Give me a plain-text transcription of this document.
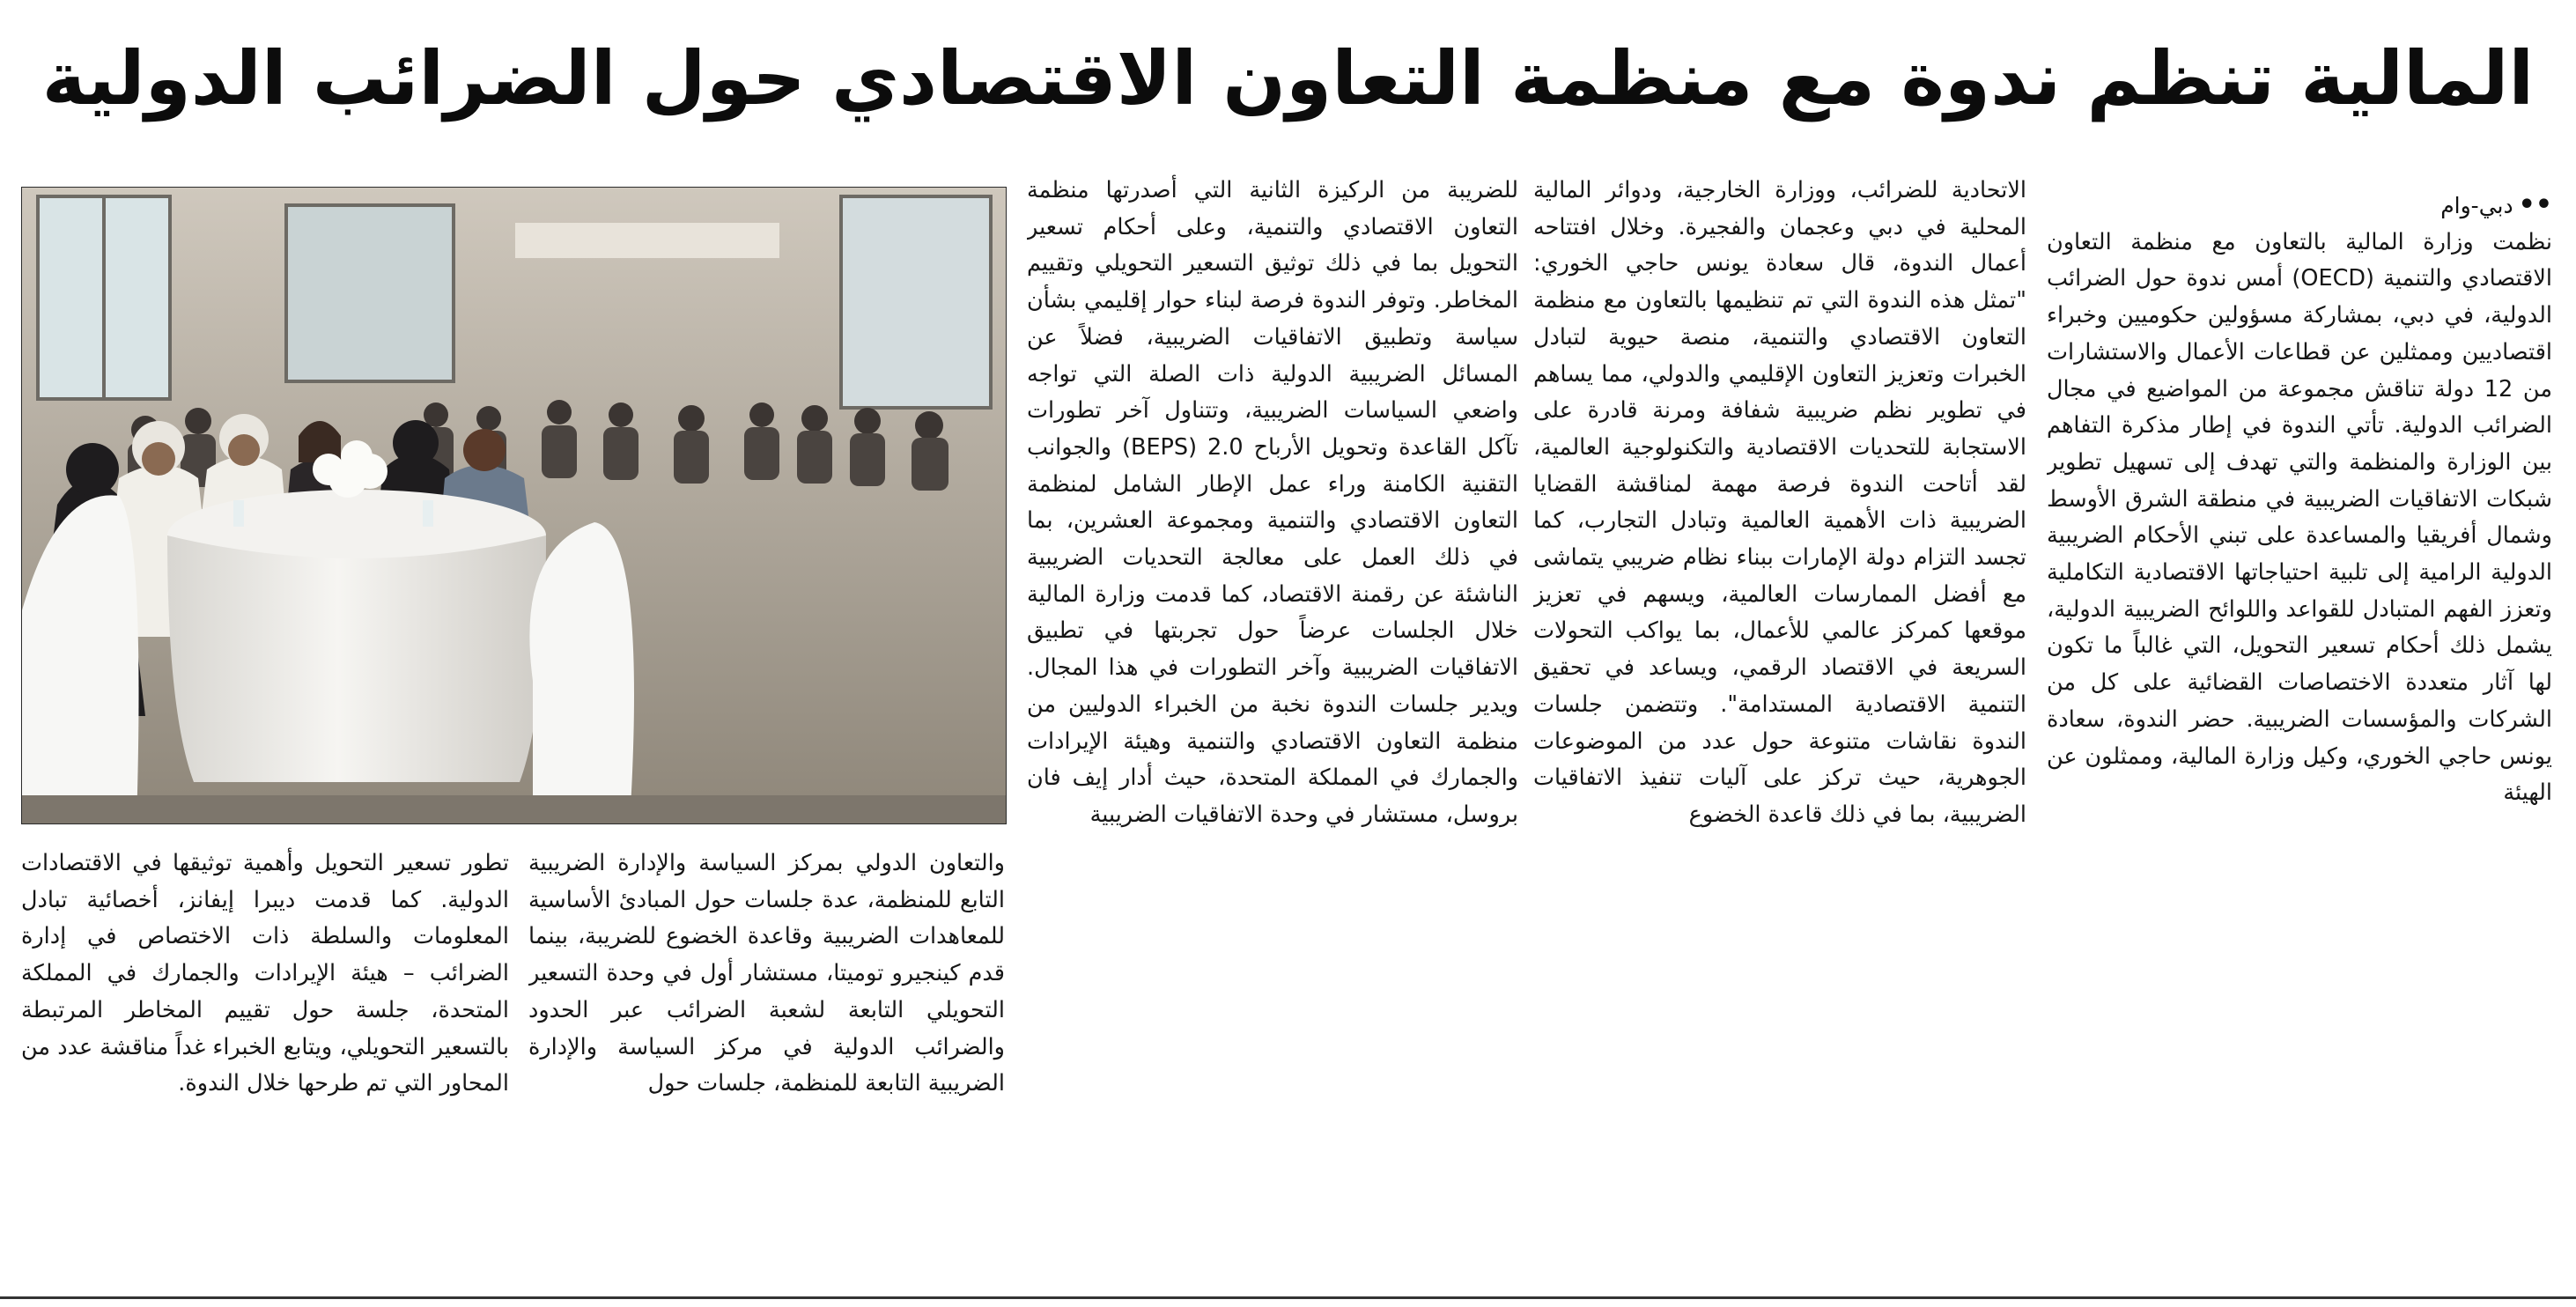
المالية تنظم ندوة مع منظمة التعاون الاقتصادي حول الضرائب الدولية

••دبي-وام

نظمت وزارة المالية بالتعاون مع منظمة التعاون الاقتصادي والتنمية (OECD) أمس ندوة حول الضرائب الدولية، في دبي، بمشاركة مسؤولين حكوميين وخبراء اقتصاديين وممثلين عن قطاعات الأعمال والاستشارات من 12 دولة تناقش مجموعة من المواضيع في مجال الضرائب الدولية. تأتي الندوة في إطار مذكرة التفاهم بين الوزارة والمنظمة والتي تهدف إلى تسهيل تطوير شبكات الاتفاقيات الضريبية في منطقة الشرق الأوسط وشمال أفريقيا والمساعدة على تبني الأحكام الضريبية الدولية الرامية إلى تلبية احتياجاتها الاقتصادية التكاملية وتعزز الفهم المتبادل للقواعد واللوائح الضريبية الدولية، يشمل ذلك أحكام تسعير التحويل، التي غالباً ما تكون لها آثار متعددة الاختصاصات القضائية على كل من الشركات والمؤسسات الضريبية. حضر الندوة، سعادة يونس حاجي الخوري، وكيل وزارة المالية، وممثلون عن الهيئة

الاتحادية للضرائب، ووزارة الخارجية، ودوائر المالية المحلية في دبي وعجمان والفجيرة. وخلال افتتاحه أعمال الندوة، قال سعادة يونس حاجي الخوري: "تمثل هذه الندوة التي تم تنظيمها بالتعاون مع منظمة التعاون الاقتصادي والتنمية، منصة حيوية لتبادل الخبرات وتعزيز التعاون الإقليمي والدولي، مما يساهم في تطوير نظم ضريبية شفافة ومرنة قادرة على الاستجابة للتحديات الاقتصادية والتكنولوجية العالمية، لقد أتاحت الندوة فرصة مهمة لمناقشة القضايا الضريبية ذات الأهمية العالمية وتبادل التجارب، كما تجسد التزام دولة الإمارات ببناء نظام ضريبي يتماشى مع أفضل الممارسات العالمية، ويسهم في تعزيز موقعها كمركز عالمي للأعمال، بما يواكب التحولات السريعة في الاقتصاد الرقمي، ويساعد في تحقيق التنمية الاقتصادية المستدامة". وتتضمن جلسات الندوة نقاشات متنوعة حول عدد من الموضوعات الجوهرية، حيث تركز على آليات تنفيذ الاتفاقيات الضريبية، بما في ذلك قاعدة الخضوع

للضريبة من الركيزة الثانية التي أصدرتها منظمة التعاون الاقتصادي والتنمية، وعلى أحكام تسعير التحويل بما في ذلك توثيق التسعير التحويلي وتقييم المخاطر. وتوفر الندوة فرصة لبناء حوار إقليمي بشأن سياسة وتطبيق الاتفاقيات الضريبية، فضلاً عن المسائل الضريبية الدولية ذات الصلة التي تواجه واضعي السياسات الضريبية، وتتناول آخر تطورات تآكل القاعدة وتحويل الأرباح 2.0 (BEPS) والجوانب التقنية الكامنة وراء عمل الإطار الشامل لمنظمة التعاون الاقتصادي والتنمية ومجموعة العشرين، بما في ذلك العمل على معالجة التحديات الضريبية الناشئة عن رقمنة الاقتصاد، كما قدمت وزارة المالية خلال الجلسات عرضاً حول تجربتها في تطبيق الاتفاقيات الضريبية وآخر التطورات في هذا المجال. ويدير جلسات الندوة نخبة من الخبراء الدوليين من منظمة التعاون الاقتصادي والتنمية وهيئة الإيرادات والجمارك في المملكة المتحدة، حيث أدار إيف فان بروسل، مستشار في وحدة الاتفاقيات الضريبية

والتعاون الدولي بمركز السياسة والإدارة الضريبية التابع للمنظمة، عدة جلسات حول المبادئ الأساسية للمعاهدات الضريبية وقاعدة الخضوع للضريبة، بينما قدم كينجيرو توميتا، مستشار أول في وحدة التسعير التحويلي التابعة لشعبة الضرائب عبر الحدود والضرائب الدولية في مركز السياسة والإدارة الضريبية التابعة للمنظمة، جلسات حول

تطور تسعير التحويل وأهمية توثيقها في الاقتصادات الدولية. كما قدمت ديبرا إيفانز، أخصائية تبادل المعلومات والسلطة ذات الاختصاص في إدارة الضرائب – هيئة الإيرادات والجمارك في المملكة المتحدة، جلسة حول تقييم المخاطر المرتبطة بالتسعير التحويلي، ويتابع الخبراء غداً مناقشة عدد من المحاور التي تم طرحها خلال الندوة.
